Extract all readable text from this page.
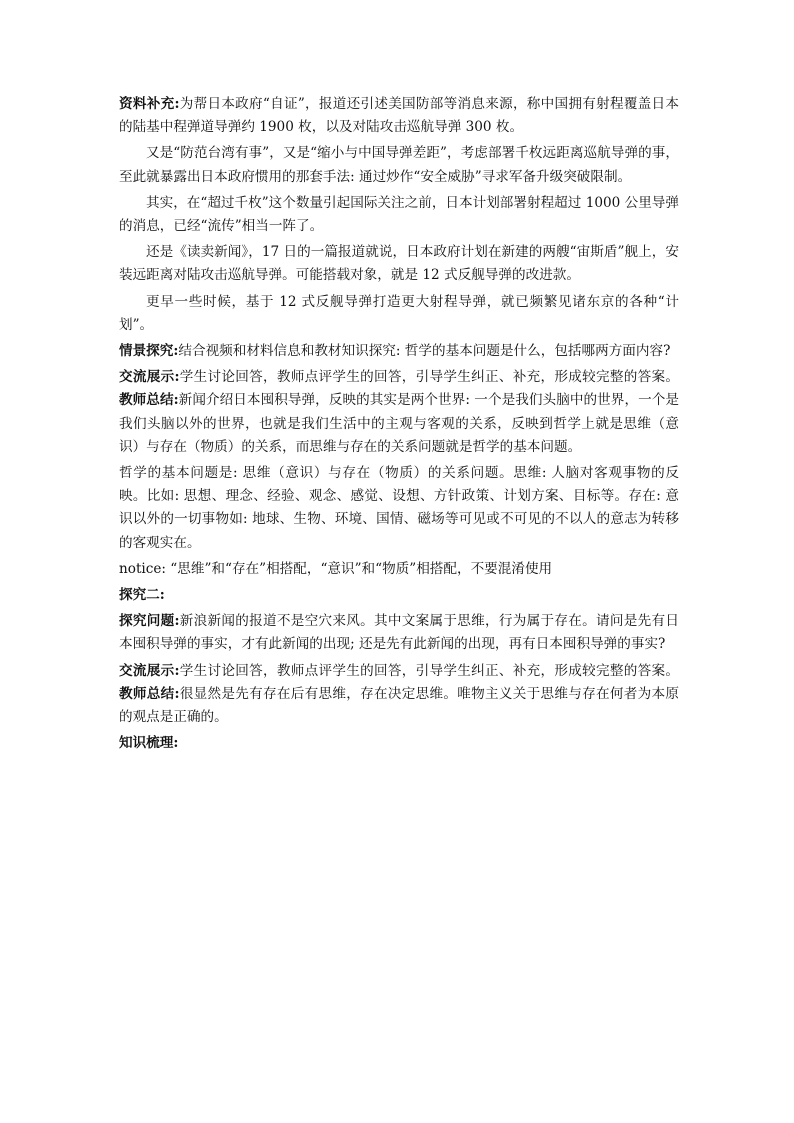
资料补充:为帮日本政府“自证”，报道还引述美国防部等消息来源，称中国拥有射程覆盖日本的陆基中程弹道导弹约 1900 枚，以及对陆攻击巡航导弹 300 枚。

又是“防范台湾有事”，又是“缩小与中国导弹差距”，考虑部署千枚远距离巡航导弹的事，至此就暴露出日本政府惯用的那套手法: 通过炒作“安全威胁”寻求军备升级突破限制。

其实，在“超过千枚”这个数量引起国际关注之前，日本计划部署射程超过 1000 公里导弹的消息，已经“流传”相当一阵了。

还是《读卖新闻》，17 日的一篇报道就说，日本政府计划在新建的两艘“宙斯盾”舰上，安装远距离对陆攻击巡航导弹。可能搭载对象，就是 12 式反舰导弹的改进款。

更早一些时候，基于 12 式反舰导弹打造更大射程导弹，就已频繁见诸东京的各种“计划”。

情景探究:结合视频和材料信息和教材知识探究: 哲学的基本问题是什么，包括哪两方面内容?

交流展示:学生讨论回答，教师点评学生的回答，引导学生纠正、补充，形成较完整的答案。教师总结:新闻介绍日本囤积导弹，反映的其实是两个世界: 一个是我们头脑中的世界，一个是我们头脑以外的世界，也就是我们生活中的主观与客观的关系，反映到哲学上就是思维（意识）与存在（物质）的关系，而思维与存在的关系问题就是哲学的基本问题。

哲学的基本问题是: 思维（意识）与存在（物质）的关系问题。思维: 人脑对客观事物的反映。比如: 思想、理念、经验、观念、感觉、设想、方针政策、计划方案、目标等。存在: 意识以外的一切事物如: 地球、生物、环境、国情、磁场等可见或不可见的不以人的意志为转移的客观实在。

notice: “思维”和“存在”相搭配，“意识”和“物质”相搭配，不要混淆使用

探究二:

探究问题:新浪新闻的报道不是空穴来风。其中文案属于思维，行为属于存在。请问是先有日本囤积导弹的事实，才有此新闻的出现; 还是先有此新闻的出现，再有日本囤积导弹的事实?

交流展示:学生讨论回答，教师点评学生的回答，引导学生纠正、补充，形成较完整的答案。教师总结:很显然是先有存在后有思维，存在决定思维。唯物主义关于思维与存在何者为本原的观点是正确的。

知识梳理:
